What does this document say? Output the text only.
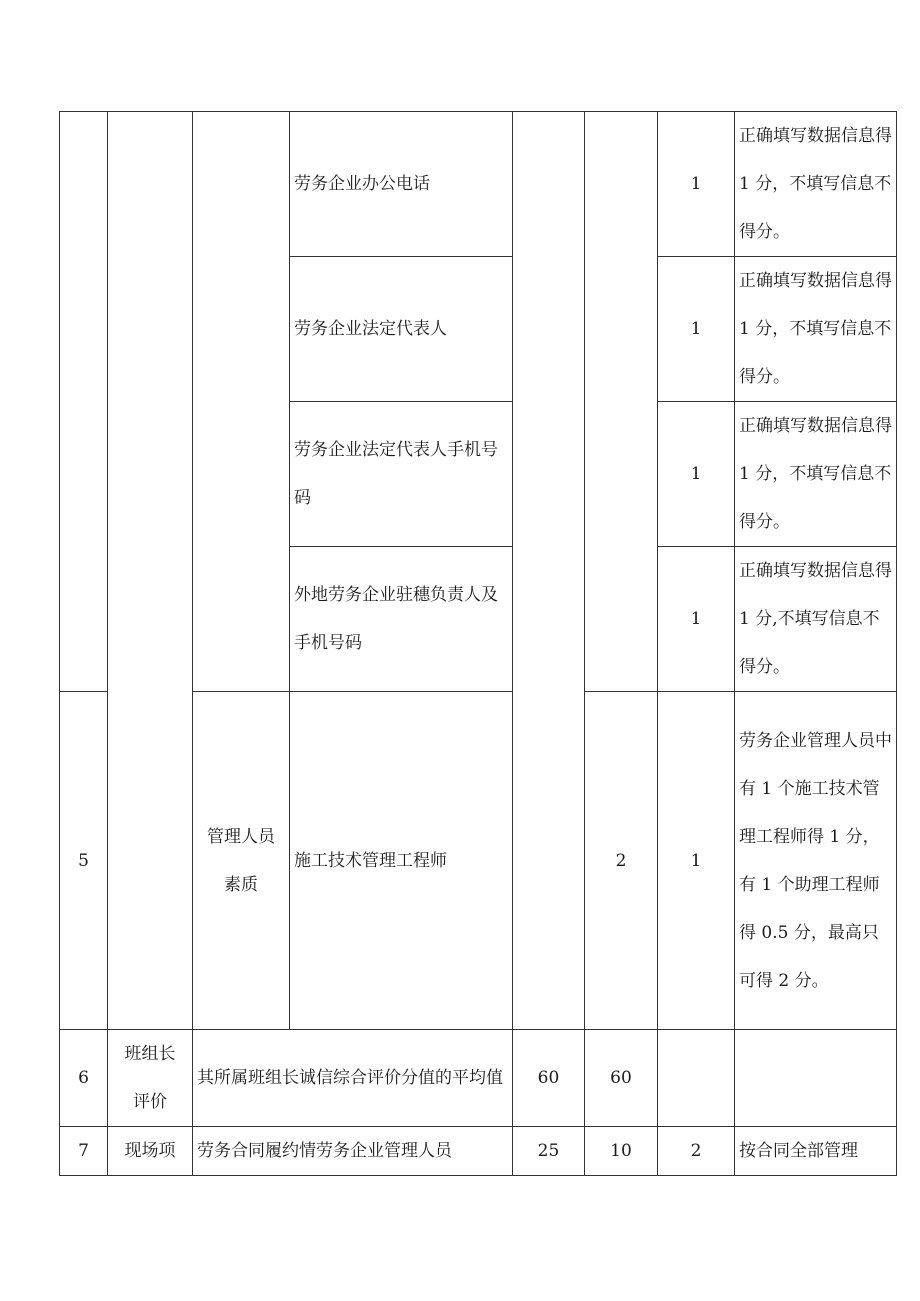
			劳务企业办公电话			1	正确填写数据信息得 1 分，不填写信息不得分。
			劳务企业法定代表人			1	正确填写数据信息得 1 分，不填写信息不得分。
			劳务企业法定代表人手机号码			1	正确填写数据信息得 1 分，不填写信息不得分。
			外地劳务企业驻穗负责人及手机号码			1	正确填写数据信息得 1 分,不填写信息不得分。
5		管理人员素质	施工技术管理工程师		2	1	劳务企业管理人员中有 1 个施工技术管理工程师得 1 分，有 1 个助理工程师得 0.5 分，最高只可得 2 分。
6	班组长评价	其所属班组长诚信综合评价分值的平均值		60	60		
7	现场项	劳务合同履约情劳务企业管理人员		25	10	2	按合同全部管理
